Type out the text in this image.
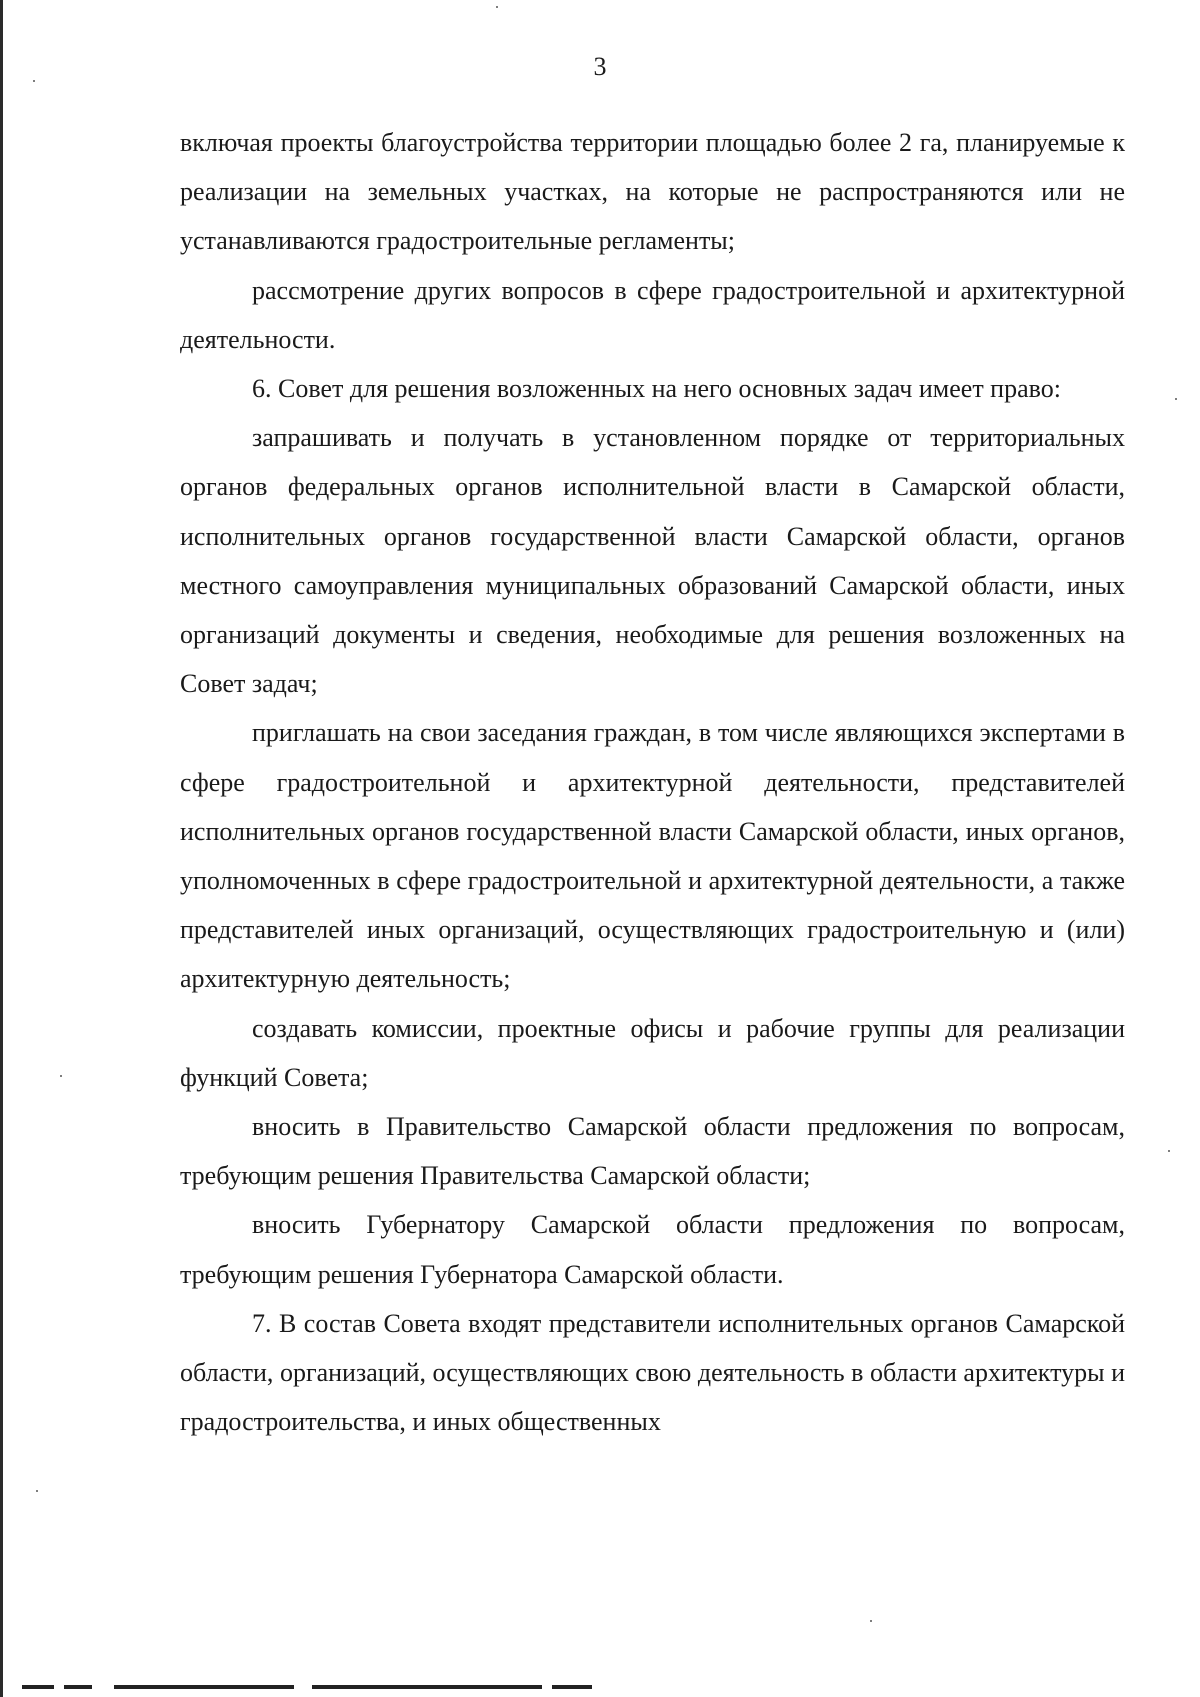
3

включая проекты благоустройства территории площадью более 2 га, планируемые к реализации на земельных участках, на которые не распространяются или не устанавливаются градостроительные регламенты;

рассмотрение других вопросов в сфере градостроительной и архитектурной деятельности.

6. Совет для решения возложенных на него основных задач имеет право:

запрашивать и получать в установленном порядке от территориальных органов федеральных органов исполнительной власти в Самарской области, исполнительных органов государственной власти Самарской области, органов местного самоуправления муниципальных образований Самарской области, иных организаций документы и сведения, необходимые для решения возложенных на Совет задач;

приглашать на свои заседания граждан, в том числе являющихся экспертами в сфере градостроительной и архитектурной деятельности, представителей исполнительных органов государственной власти Самарской области, иных органов, уполномоченных в сфере градостроительной и архитектурной деятельности, а также представителей иных организаций, осуществляющих градостроительную и (или) архитектурную деятельность;

создавать комиссии, проектные офисы и рабочие группы для реализации функций Совета;

вносить в Правительство Самарской области предложения по вопросам, требующим решения Правительства Самарской области;

вносить Губернатору Самарской области предложения по вопросам, требующим решения Губернатора Самарской области.

7. В состав Совета входят представители исполнительных органов Самарской области, организаций, осуществляющих свою деятельность в области архитектуры и градостроительства, и иных общественных
